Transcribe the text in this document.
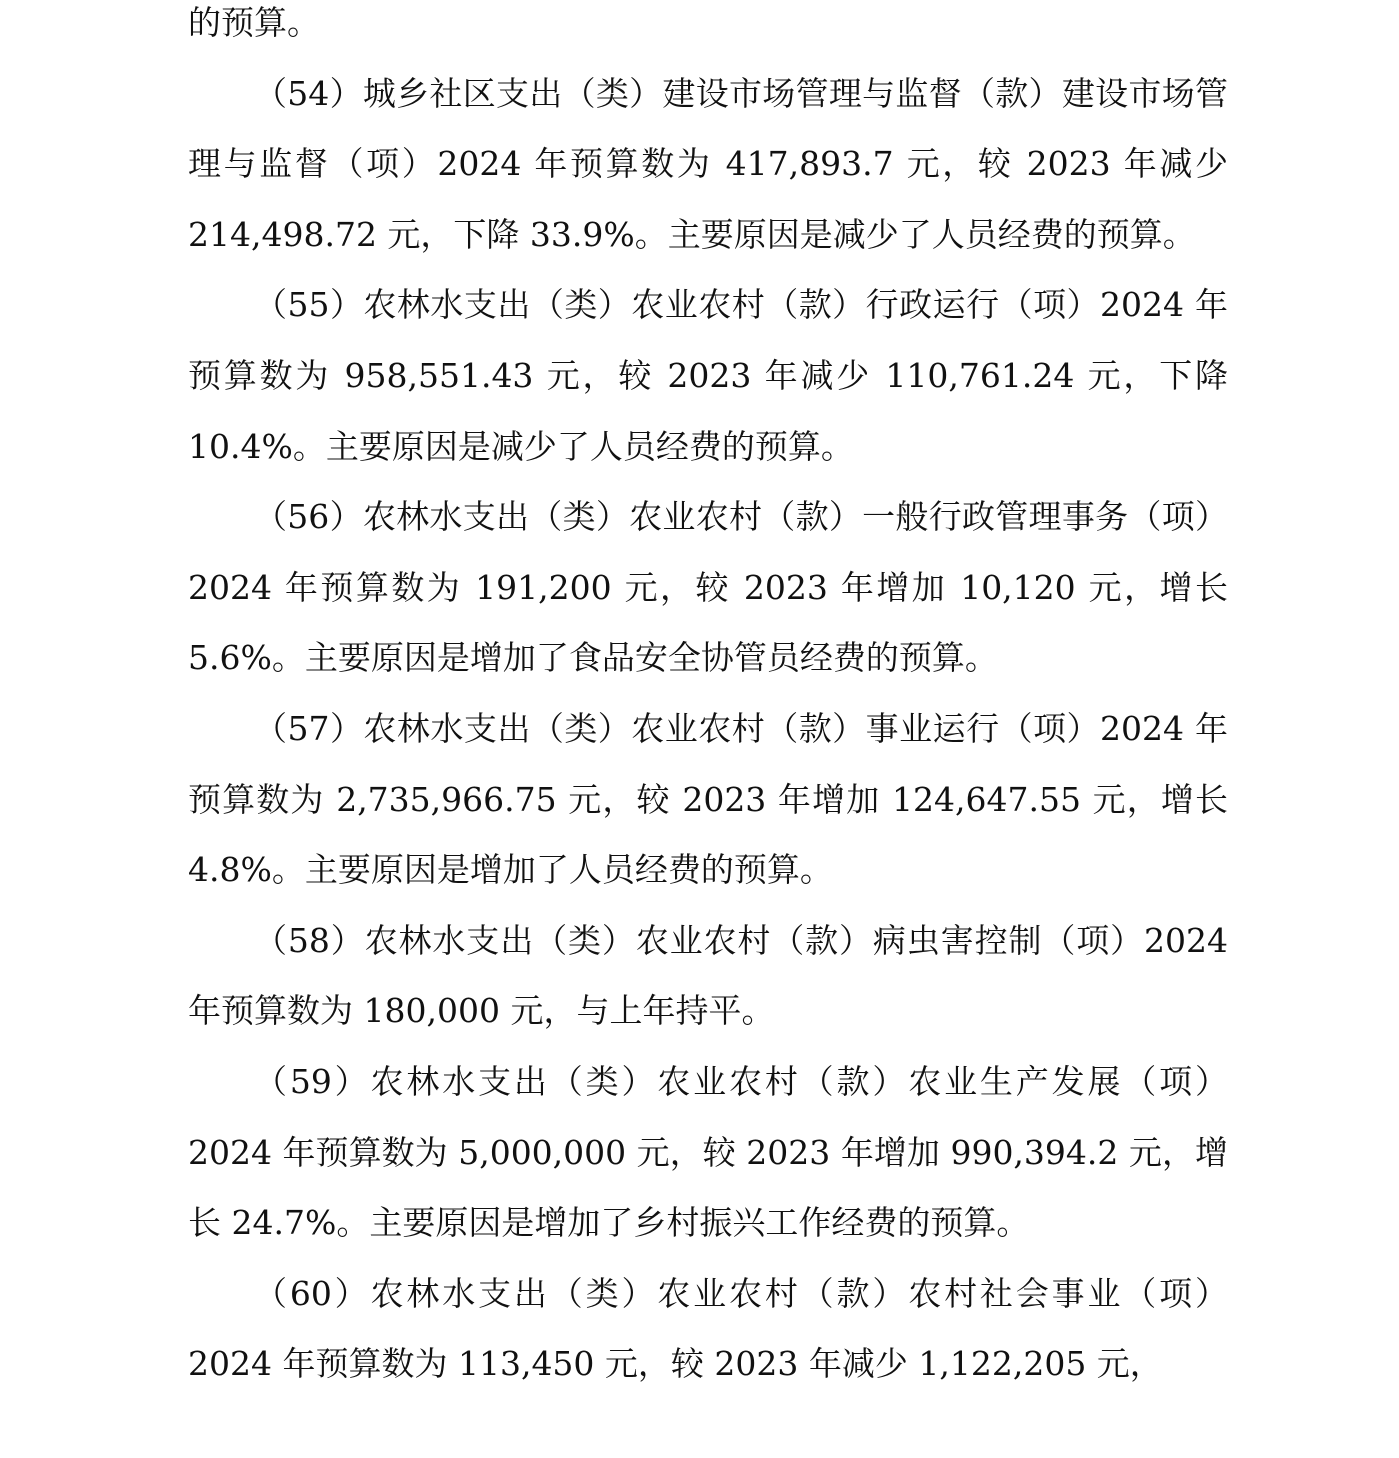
的预算。

（54）城乡社区支出（类）建设市场管理与监督（款）建设市场管理与监督（项）2024 年预算数为 417,893.7 元，较 2023 年减少 214,498.72 元，下降 33.9%。主要原因是减少了人员经费的预算。

（55）农林水支出（类）农业农村（款）行政运行（项）2024 年预算数为 958,551.43 元，较 2023 年减少 110,761.24 元，下降 10.4%。主要原因是减少了人员经费的预算。

（56）农林水支出（类）农业农村（款）一般行政管理事务（项）2024 年预算数为 191,200 元，较 2023 年增加 10,120 元，增长 5.6%。主要原因是增加了食品安全协管员经费的预算。

（57）农林水支出（类）农业农村（款）事业运行（项）2024 年预算数为 2,735,966.75 元，较 2023 年增加 124,647.55 元，增长 4.8%。主要原因是增加了人员经费的预算。

（58）农林水支出（类）农业农村（款）病虫害控制（项）2024 年预算数为 180,000 元，与上年持平。

（59）农林水支出（类）农业农村（款）农业生产发展（项）2024 年预算数为 5,000,000 元，较 2023 年增加 990,394.2 元，增长 24.7%。主要原因是增加了乡村振兴工作经费的预算。

（60）农林水支出（类）农业农村（款）农村社会事业（项）2024 年预算数为 113,450 元，较 2023 年减少 1,122,205 元，
